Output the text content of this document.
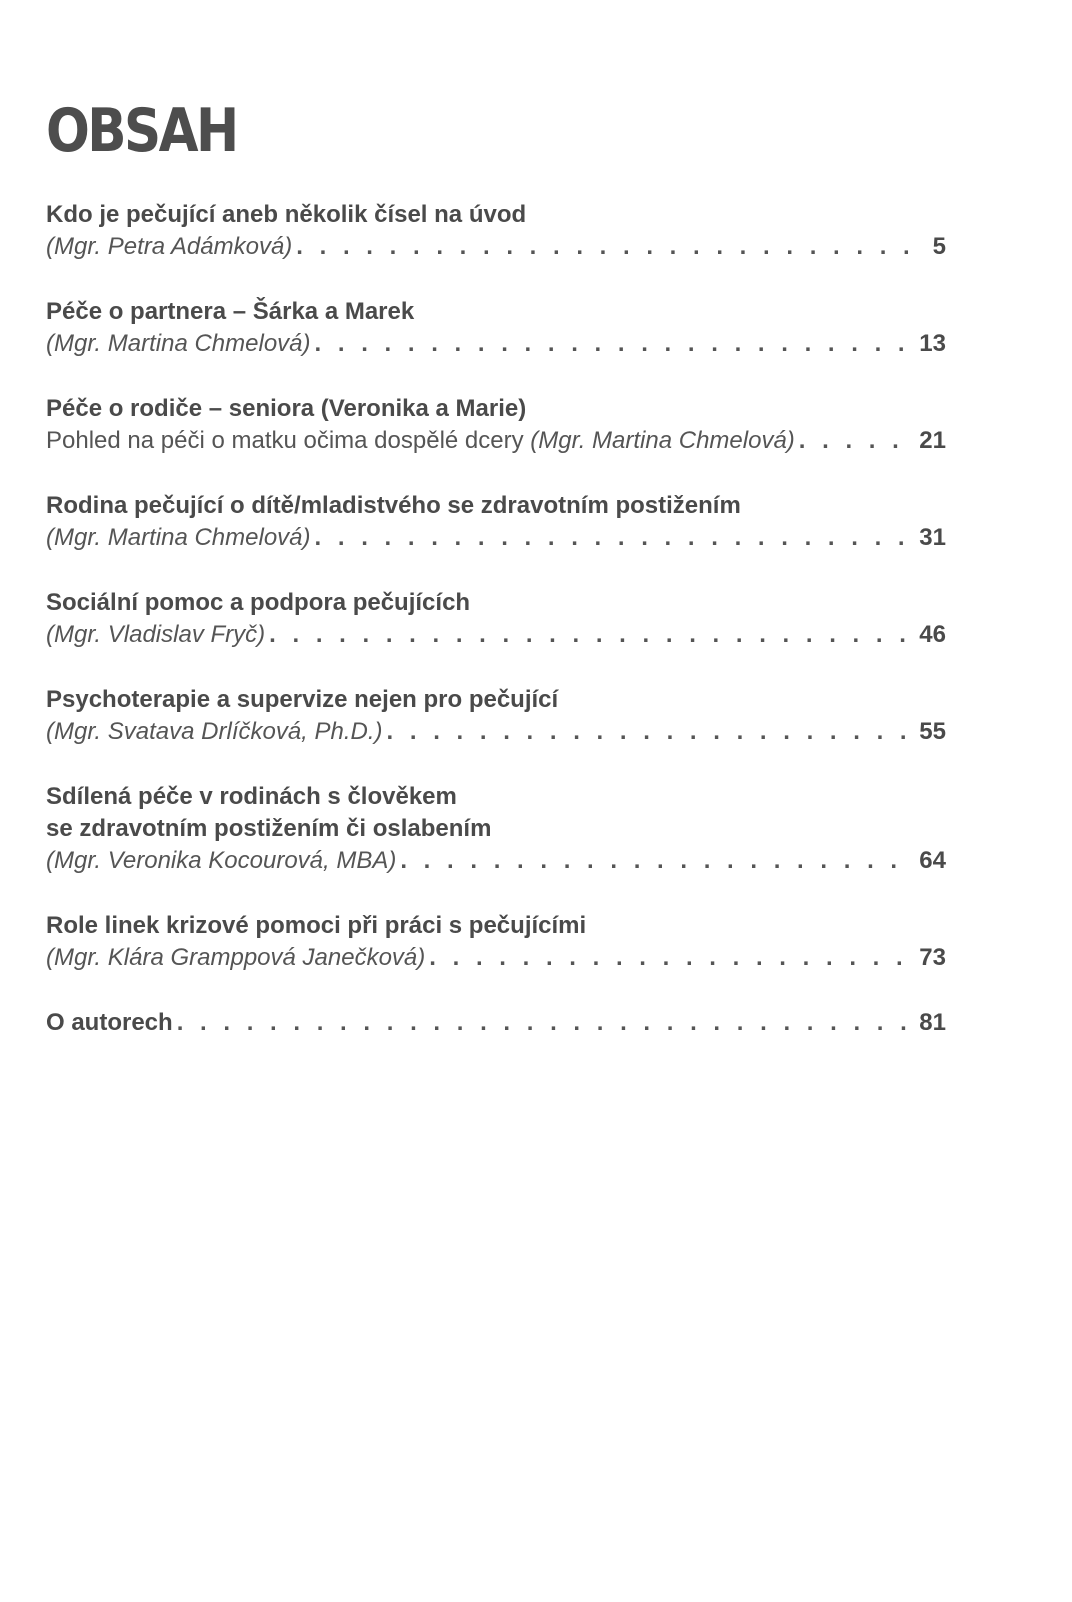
OBSAH
Kdo je pečující aneb několik čísel na úvod
(Mgr. Petra Adámková) . . .	5
Péče o partnera – Šárka a Marek
(Mgr. Martina Chmelová) . . .	13
Péče o rodiče – seniora (Veronika a Marie)
Pohled na péči o matku očima dospělé dcery
(Mgr. Martina Chmelová) . . .	21
Rodina pečující o dítě/mladistvého se zdravotním postižením
(Mgr. Martina Chmelová) . . .	31
Sociální pomoc a podpora pečujících
(Mgr. Vladislav Fryč) . . .	46
Psychoterapie a supervize nejen pro pečující
(Mgr. Svatava Drlíčková, Ph.D.) . . .	55
Sdílená péče v rodinách s člověkem
se zdravotním postižením či oslabením
(Mgr. Veronika Kocourová, MBA) . . .	64
Role linek krizové pomoci při práci s pečujícími
(Mgr. Klára Gramppová Janečková) . . .	73
O autorech . . .	81
